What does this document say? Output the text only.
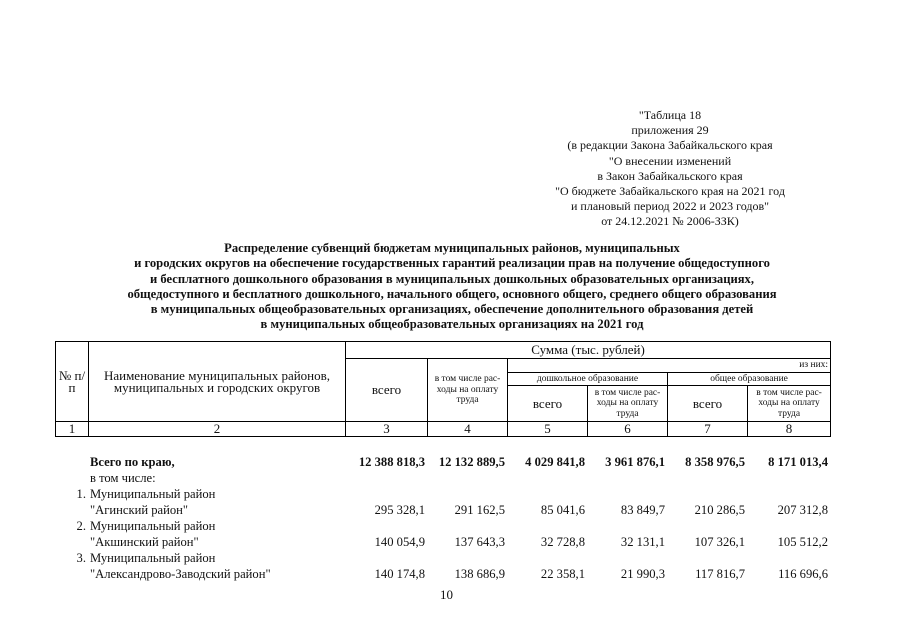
"Таблица 18
приложения 29
(в редакции Закона Забайкальского края
"О внесении изменений
в Закон Забайкальского края
"О бюджете Забайкальского края на 2021 год
и плановый период 2022 и 2023 годов"
от 24.12.2021 № 2006-ЗЗК)
Распределение субвенций бюджетам муниципальных районов, муниципальных
и городских округов на обеспечение государственных гарантий реализации прав на получение общедоступного
и бесплатного дошкольного образования в муниципальных дошкольных образовательных организациях,
общедоступного и бесплатного дошкольного, начального общего, основного общего, среднего общего образования
в муниципальных общеобразовательных организациях, обеспечение дополнительного образования детей
в муниципальных общеобразовательных организациях на 2021 год
№ п/п	Наименование муниципальных районов, муниципальных и городских округов	Сумма (тыс. рублей)					
		всего	в том числе рас-ходы на оплату труда	из них:			
				дошкольное образование		общее образование	
				всего	в том числе рас-ходы на оплату труда	всего	в том числе рас-ходы на оплату труда
1	2	3	4	5	6	7	8
	Всего по краю,	12 388 818,3	12 132 889,5	4 029 841,8	3 961 876,1	8 358 976,5	8 171 013,4
	в том числе:						
1.	Муниципальный район						
	"Агинский район"	295 328,1	291 162,5	85 041,6	83 849,7	210 286,5	207 312,8
2.	Муниципальный район						
	"Акшинский район"	140 054,9	137 643,3	32 728,8	32 131,1	107 326,1	105 512,2
3.	Муниципальный район						
	"Александрово-Заводский район"	140 174,8	138 686,9	22 358,1	21 990,3	117 816,7	116 696,6
10
